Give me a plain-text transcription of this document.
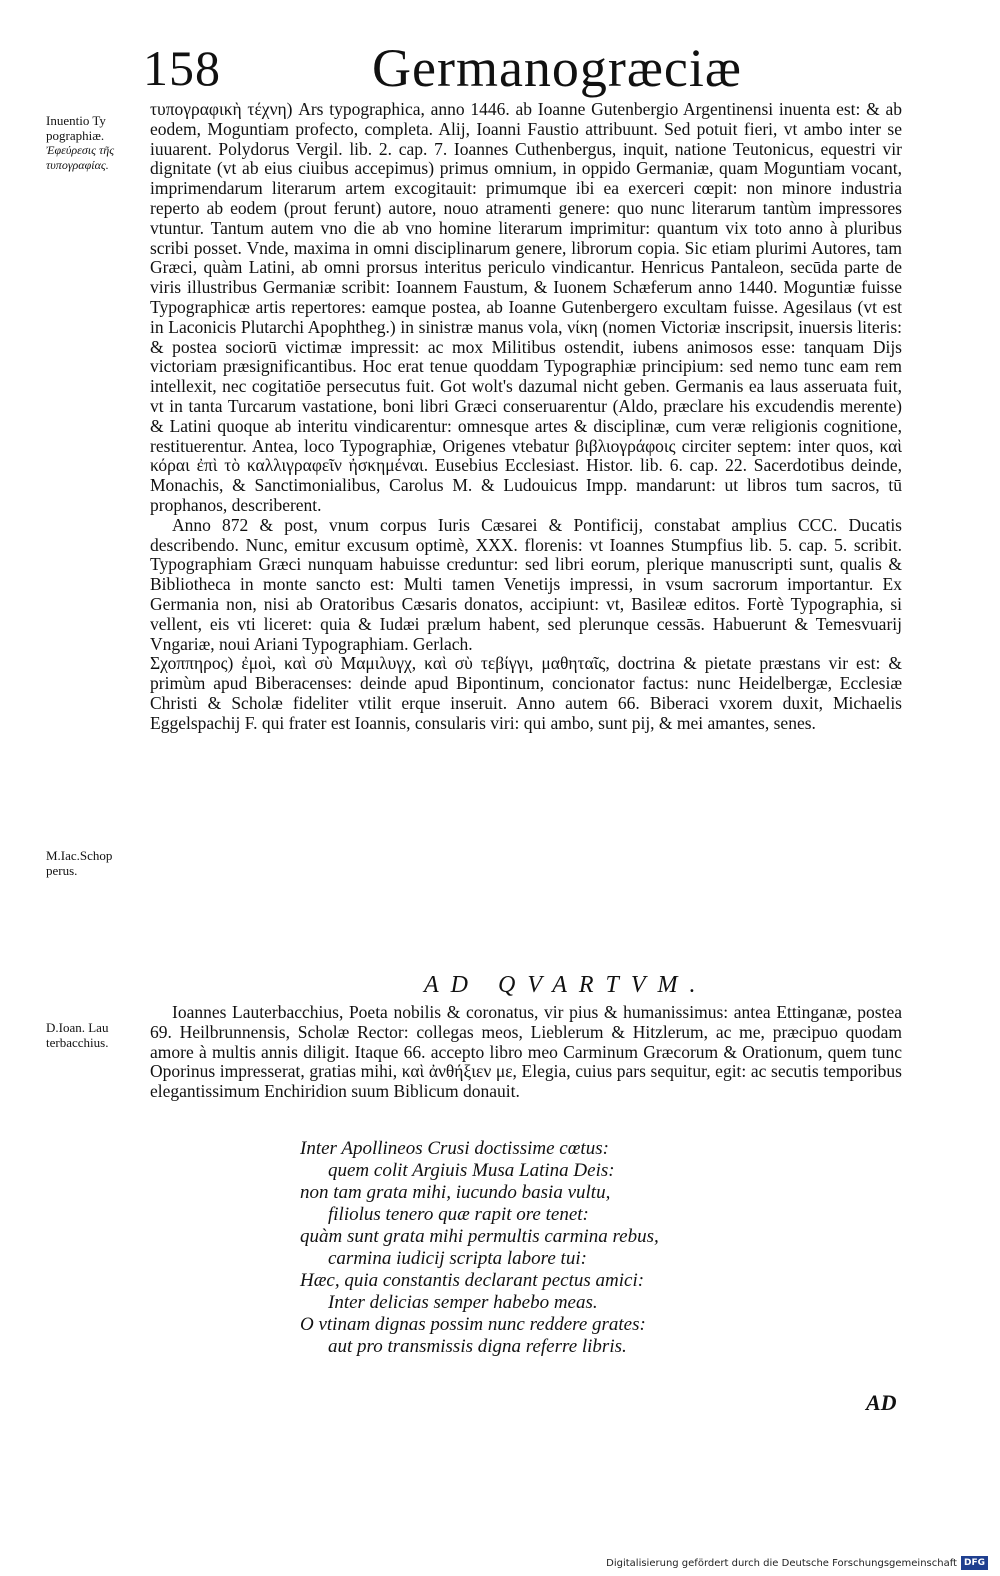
158	Germanogræciæ
Inuentio Ty
pographiæ.
Ἐφεύρεσις τῆς τυπογραφίας.
M.Iac.Schop
perus.
D.Ioan. Lau
terbacchius.

τυπογραφικὴ τέχνη) Ars typographica, anno 1446. ab Ioanne Gutenbergio Argentinensi inuenta est: & ab eodem, Moguntiam profecto, completa. Alij, Ioanni Faustio attribuunt. Sed potuit fieri, vt ambo inter se iuuarent. Polydorus Vergil. lib. 2. cap. 7. Ioannes Cuthenbergus, inquit, natione Teutonicus, equestri vir dignitate (vt ab eius ciuibus accepimus) primus omnium, in oppido Germaniæ, quam Moguntiam vocant, imprimendarum literarum artem excogitauit: primumque ibi ea exerceri cœpit: non minore industria reperto ab eodem (prout ferunt) autore, nouo atramenti genere: quo nunc literarum tantùm impressores vtuntur. Tantum autem vno die ab vno homine literarum imprimitur: quantum vix toto anno à pluribus scribi posset. Vnde, maxima in omni disciplinarum genere, librorum copia. Sic etiam plurimi Autores, tam Græci, quàm Latini, ab omni prorsus interitus periculo vindicantur. Henricus Pantaleon, secūda parte de viris illustribus Germaniæ scribit: Ioannem Faustum, & Iuonem Schæferum anno 1440. Moguntiæ fuisse Typographicæ artis repertores: eamque postea, ab Ioanne Gutenbergero excultam fuisse. Agesilaus (vt est in Laconicis Plutarchi Apophtheg.) in sinistræ manus vola, νίκη (nomen Victoriæ inscripsit, inuersis literis: & postea sociorū victimæ impressit: ac mox Militibus ostendit, iubens animosos esse: tanquam Dijs victoriam præsignificantibus. Hoc erat tenue quoddam Typographiæ principium: sed nemo tunc eam rem intellexit, nec cogitatiōe persecutus fuit. Got wolt's dazumal nicht geben. Germanis ea laus asseruata fuit, vt in tanta Turcarum vastatione, boni libri Græci conseruarentur (Aldo, præclare his excudendis merente) & Latini quoque ab interitu vindicarentur: omnesque artes & disciplinæ, cum veræ religionis cognitione, restituerentur. Antea, loco Typographiæ, Origenes vtebatur βιβλιογράφοις circiter septem: inter quos, καὶ κόραι ἐπὶ τὸ καλλιγραφεῖν ἠσκημέναι. Eusebius Ecclesiast. Histor. lib. 6. cap. 22. Sacerdotibus deinde, Monachis, & Sanctimonialibus, Carolus M. & Ludouicus Impp. mandarunt: ut libros tum sacros, tū prophanos, describerent.

Anno 872 & post, vnum corpus Iuris Cæsarei & Pontificij, constabat amplius CCC. Ducatis describendo. Nunc, emitur excusum optimè, XXX. florenis: vt Ioannes Stumpfius lib. 5. cap. 5. scribit. Typographiam Græci nunquam habuisse creduntur: sed libri eorum, plerique manuscripti sunt, qualis & Bibliotheca in monte sancto est: Multi tamen Venetijs impressi, in vsum sacrorum importantur. Ex Germania non, nisi ab Oratoribus Cæsaris donatos, accipiunt: vt, Basileæ editos. Fortè Typographia, si vellent, eis vti liceret: quia & Iudæi prælum habent, sed plerunque cessās. Habuerunt & Temesvuarij Vngariæ, noui Ariani Typographiam. Gerlach.

Σχοππηρος) ἐμοὶ, καὶ σὺ Μαμιλυγχ, καὶ σὺ τεβίγγι, μαθηταῖς, doctrina & pietate præstans vir est: & primùm apud Biberacenses: deinde apud Bipontinum, concionator factus: nunc Heidelbergæ, Ecclesiæ Christi & Scholæ fideliter vtilit erque inseruit. Anno autem 66. Biberaci vxorem duxit, Michaelis Eggelspachij F. qui frater est Ioannis, consularis viri: qui ambo, sunt pij, & mei amantes, senes.

AD QVARTVM.

Ioannes Lauterbacchius, Poeta nobilis & coronatus, vir pius & humanissimus: antea Ettinganæ, postea 69. Heilbrunnensis, Scholæ Rector: collegas meos, Lieblerum & Hitzlerum, ac me, præcipuo quodam amore à multis annis diligit. Itaque 66. accepto libro meo Carminum Græcorum & Orationum, quem tunc Oporinus impresserat, gratias mihi, καὶ ἀνθήξιεν με, Elegia, cuius pars sequitur, egit: ac secutis temporibus elegantissimum Enchiridion suum Biblicum donauit.

Inter Apollineos Crusi doctissime cœtus:
quem colit Argiuis Musa Latina Deis:
non tam grata mihi, iucundo basia vultu,
filiolus tenero quæ rapit ore tenet:
quàm sunt grata mihi permultis carmina rebus,
carmina iudicij scripta labore tui:
Hæc, quia constantis declarant pectus amici:
Inter delicias semper habebo meas.
O vtinam dignas possim nunc reddere grates:
aut pro transmissis digna referre libris.
AD
Digitalisierung gefördert durch die Deutsche Forschungsgemeinschaft DFG
